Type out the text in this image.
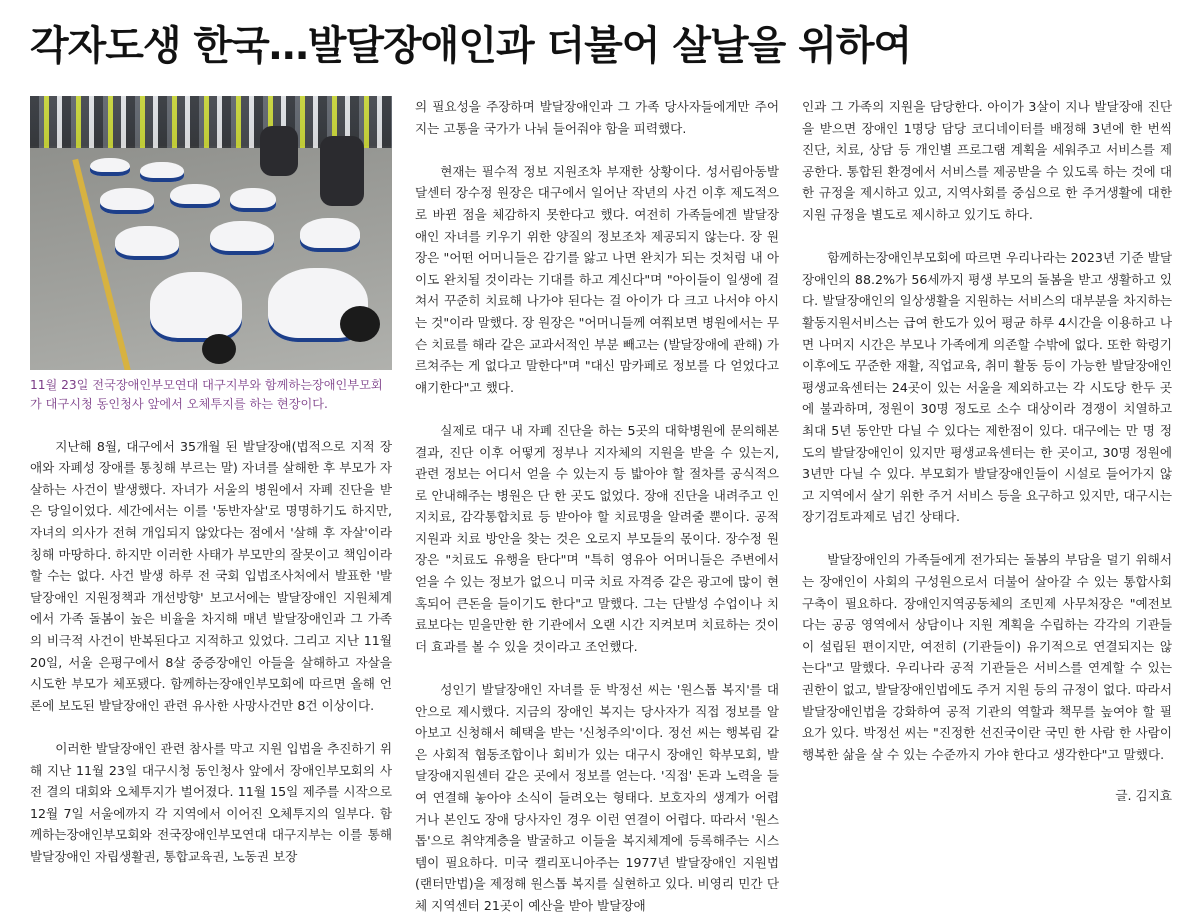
각자도생 한국…발달장애인과 더불어 살날을 위하여
11월 23일 전국장애인부모연대 대구지부와 함께하는장애인부모회가 대구시청 동인청사 앞에서 오체투지를 하는 현장이다.

지난해 8월, 대구에서 35개월 된 발달장애(법적으로 지적 장애와 자폐성 장애를 통칭해 부르는 말) 자녀를 살해한 후 부모가 자살하는 사건이 발생했다. 자녀가 서울의 병원에서 자폐 진단을 받은 당일이었다. 세간에서는 이를 '동반자살'로 명명하기도 하지만, 자녀의 의사가 전혀 개입되지 않았다는 점에서 '살해 후 자살'이라 칭해 마땅하다. 하지만 이러한 사태가 부모만의 잘못이고 책임이라 할 수는 없다. 사건 발생 하루 전 국회 입법조사처에서 발표한 '발달장애인 지원정책과 개선방향' 보고서에는 발달장애인 지원체계에서 가족 돌봄이 높은 비율을 차지해 매년 발달장애인과 그 가족의 비극적 사건이 반복된다고 지적하고 있었다. 그리고 지난 11월 20일, 서울 은평구에서 8살 중증장애인 아들을 살해하고 자살을 시도한 부모가 체포됐다. 함께하는장애인부모회에 따르면 올해 언론에 보도된 발달장애인 관련 유사한 사망사건만 8건 이상이다.

이러한 발달장애인 관련 참사를 막고 지원 입법을 추진하기 위해 지난 11월 23일 대구시청 동인청사 앞에서 장애인부모회의 사전 결의 대회와 오체투지가 벌어졌다. 11월 15일 제주를 시작으로 12월 7일 서울에까지 각 지역에서 이어진 오체투지의 일부다. 함께하는장애인부모회와 전국장애인부모연대 대구지부는 이를 통해 발달장애인 자립생활권, 통합교육권, 노동권 보장

의 필요성을 주장하며 발달장애인과 그 가족 당사자들에게만 주어지는 고통을 국가가 나눠 들어줘야 함을 피력했다.

현재는 필수적 정보 지원조차 부재한 상황이다. 성서림아동발달센터 장수정 원장은 대구에서 일어난 작년의 사건 이후 제도적으로 바뀐 점을 체감하지 못한다고 했다. 여전히 가족들에겐 발달장애인 자녀를 키우기 위한 양질의 정보조차 제공되지 않는다. 장 원장은 "어떤 어머니들은 감기를 앓고 나면 완치가 되는 것처럼 내 아이도 완치될 것이라는 기대를 하고 계신다"며 "아이들이 일생에 걸쳐서 꾸준히 치료해 나가야 된다는 걸 아이가 다 크고 나서야 아시는 것"이라 말했다. 장 원장은 "어머니들께 여쭤보면 병원에서는 무슨 치료를 해라 같은 교과서적인 부분 빼고는 (발달장애에 관해) 가르쳐주는 게 없다고 말한다"며 "대신 맘카페로 정보를 다 얻었다고 얘기한다"고 했다.

실제로 대구 내 자폐 진단을 하는 5곳의 대학병원에 문의해본 결과, 진단 이후 어떻게 정부나 지자체의 지원을 받을 수 있는지, 관련 정보는 어디서 얻을 수 있는지 등 밟아야 할 절차를 공식적으로 안내해주는 병원은 단 한 곳도 없었다. 장애 진단을 내려주고 인지치료, 감각통합치료 등 받아야 할 치료명을 알려줄 뿐이다. 공적 지원과 치료 방안을 찾는 것은 오로지 부모들의 몫이다. 장수정 원장은 "치료도 유행을 탄다"며 "특히 영유아 어머니들은 주변에서 얻을 수 있는 정보가 없으니 미국 치료 자격증 같은 광고에 많이 현혹되어 큰돈을 들이기도 한다"고 말했다. 그는 단발성 수업이나 치료보다는 믿을만한 한 기관에서 오랜 시간 지켜보며 치료하는 것이 더 효과를 볼 수 있을 것이라고 조언했다.

성인기 발달장애인 자녀를 둔 박정선 씨는 '원스톱 복지'를 대안으로 제시했다. 지금의 장애인 복지는 당사자가 직접 정보를 알아보고 신청해서 혜택을 받는 '신청주의'이다. 정선 씨는 행복림 같은 사회적 협동조합이나 회비가 있는 대구시 장애인 학부모회, 발달장애지원센터 같은 곳에서 정보를 얻는다. '직접' 돈과 노력을 들여 연결해 놓아야 소식이 들려오는 형태다. 보호자의 생계가 어렵거나 본인도 장애 당사자인 경우 이런 연결이 어렵다. 따라서 '원스톱'으로 취약계층을 발굴하고 이들을 복지체계에 등록해주는 시스템이 필요하다. 미국 캘리포니아주는 1977년 발달장애인 지원법(랜터만법)을 제정해 원스톱 복지를 실현하고 있다. 비영리 민간 단체 지역센터 21곳이 예산을 받아 발달장애

인과 그 가족의 지원을 담당한다. 아이가 3살이 지나 발달장애 진단을 받으면 장애인 1명당 담당 코디네이터를 배정해 3년에 한 번씩 진단, 치료, 상담 등 개인별 프로그램 계획을 세워주고 서비스를 제공한다. 통합된 환경에서 서비스를 제공받을 수 있도록 하는 것에 대한 규정을 제시하고 있고, 지역사회를 중심으로 한 주거생활에 대한 지원 규정을 별도로 제시하고 있기도 하다.

함께하는장애인부모회에 따르면 우리나라는 2023년 기준 발달장애인의 88.2%가 56세까지 평생 부모의 돌봄을 받고 생활하고 있다. 발달장애인의 일상생활을 지원하는 서비스의 대부분을 차지하는 활동지원서비스는 급여 한도가 있어 평균 하루 4시간을 이용하고 나면 나머지 시간은 부모나 가족에게 의존할 수밖에 없다. 또한 학령기 이후에도 꾸준한 재활, 직업교육, 취미 활동 등이 가능한 발달장애인 평생교육센터는 24곳이 있는 서울을 제외하고는 각 시도당 한두 곳에 불과하며, 정원이 30명 정도로 소수 대상이라 경쟁이 치열하고 최대 5년 동안만 다닐 수 있다는 제한점이 있다. 대구에는 만 명 정도의 발달장애인이 있지만 평생교육센터는 한 곳이고, 30명 정원에 3년만 다닐 수 있다. 부모회가 발달장애인들이 시설로 들어가지 않고 지역에서 살기 위한 주거 서비스 등을 요구하고 있지만, 대구시는 장기검토과제로 넘긴 상태다.

발달장애인의 가족들에게 전가되는 돌봄의 부담을 덜기 위해서는 장애인이 사회의 구성원으로서 더불어 살아갈 수 있는 통합사회 구축이 필요하다. 장애인지역공동체의 조민제 사무처장은 "예전보다는 공공 영역에서 상담이나 지원 계획을 수립하는 각각의 기관들이 설립된 편이지만, 여전히 (기관들이) 유기적으로 연결되지는 않는다"고 말했다. 우리나라 공적 기관들은 서비스를 연계할 수 있는 권한이 없고, 발달장애인법에도 주거 지원 등의 규정이 없다. 따라서 발달장애인법을 강화하여 공적 기관의 역할과 책무를 높여야 할 필요가 있다. 박정선 씨는 "진정한 선진국이란 국민 한 사람 한 사람이 행복한 삶을 살 수 있는 수준까지 가야 한다고 생각한다"고 말했다.

글. 김지효
